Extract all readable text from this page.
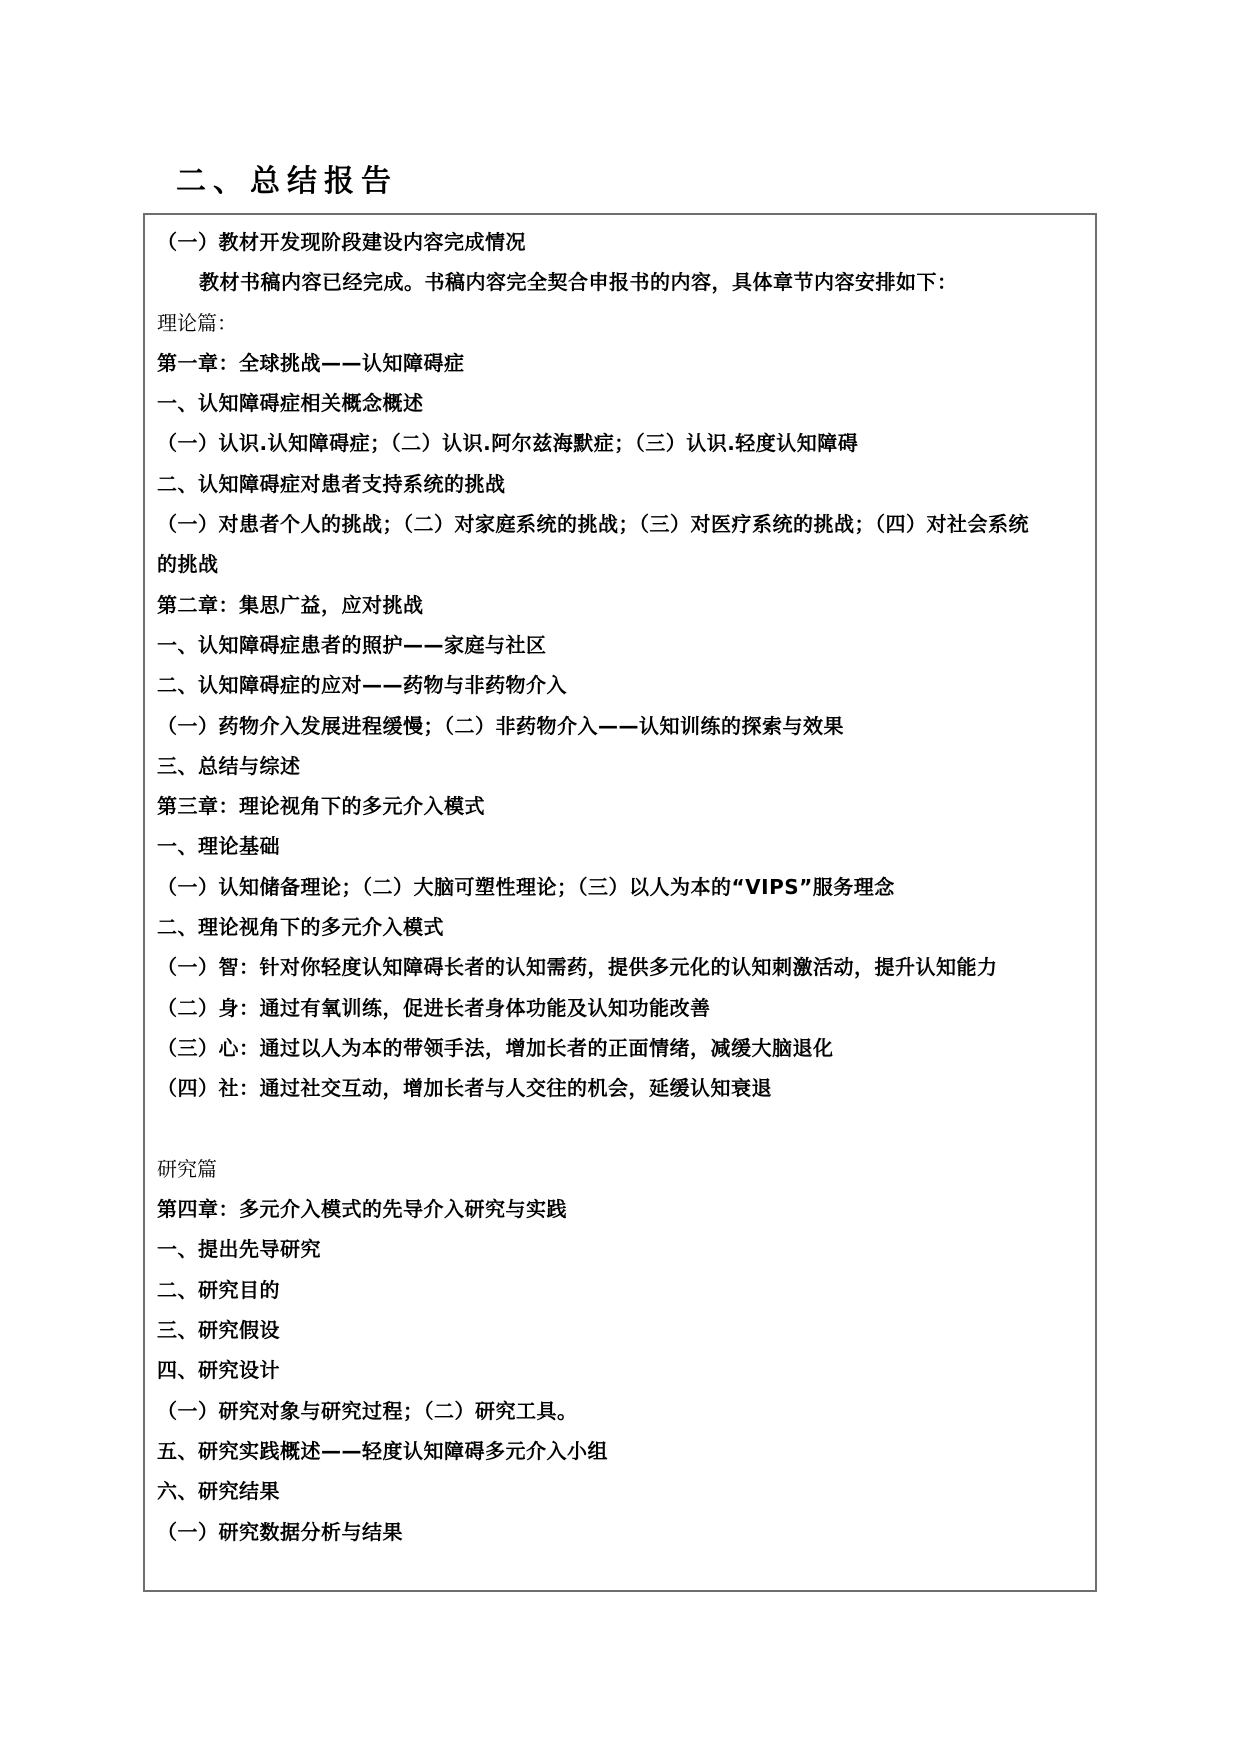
二、总结报告
（一）教材开发现阶段建设内容完成情况
教材书稿内容已经完成。书稿内容完全契合申报书的内容，具体章节内容安排如下：
理论篇：
第一章：全球挑战——认知障碍症
一、认知障碍症相关概念概述
（一）认识.认知障碍症；（二）认识.阿尔兹海默症；（三）认识.轻度认知障碍
二、认知障碍症对患者支持系统的挑战
（一）对患者个人的挑战；（二）对家庭系统的挑战；（三）对医疗系统的挑战；（四）对社会系统
的挑战
第二章：集思广益，应对挑战
一、认知障碍症患者的照护——家庭与社区
二、认知障碍症的应对——药物与非药物介入
（一）药物介入发展进程缓慢；（二）非药物介入——认知训练的探索与效果
三、总结与综述
第三章：理论视角下的多元介入模式
一、理论基础
（一）认知储备理论；（二）大脑可塑性理论；（三）以人为本的“VIPS”服务理念
二、理论视角下的多元介入模式
（一）智：针对你轻度认知障碍长者的认知需药，提供多元化的认知刺激活动，提升认知能力
（二）身：通过有氧训练，促进长者身体功能及认知功能改善
（三）心：通过以人为本的带领手法，增加长者的正面情绪，减缓大脑退化
（四）社：通过社交互动，增加长者与人交往的机会，延缓认知衰退
研究篇
第四章：多元介入模式的先导介入研究与实践
一、提出先导研究
二、研究目的
三、研究假设
四、研究设计
（一）研究对象与研究过程；（二）研究工具。
五、研究实践概述——轻度认知障碍多元介入小组
六、研究结果
（一）研究数据分析与结果
